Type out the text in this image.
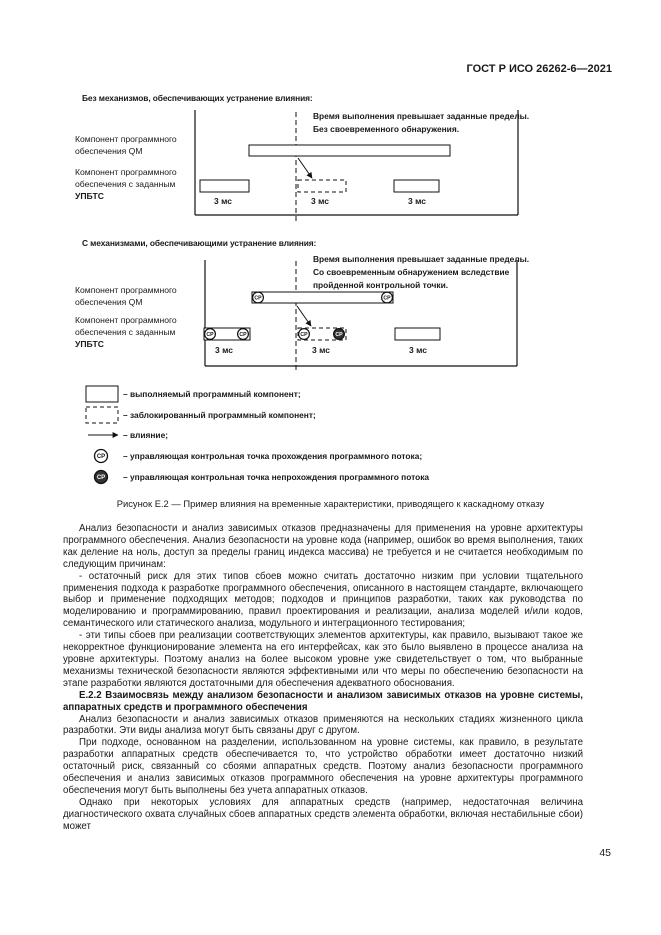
ГОСТ Р ИСО 26262-6—2021
CP	CP
CP	CP	CP	CP
CP
CP
Без механизмов, обеспечивающих устранение влияния:
Время выполнения превышает заданные пределы.
Без своевременного обнаружения.
Компонент программного
обеспечения QM
Компонент программного
обеспечения с заданным
УПБТС	3 мс	3 мс	3 мс
С механизмами, обеспечивающими устранение влияния:
Время выполнения превышает заданные пределы.
Со своевременным обнаружением вследствие
пройденной контрольной точки.
Компонент программного
обеспечения QM
Компонент программного
обеспечения с заданным
УПБТС
3 мс	3 мс	3 мс
– выполняемый программный компонент;
– заблокированный программный компонент;
– влияние;
– управляющая контрольная точка прохождения программного потока;
– управляющая контрольная точка непрохождения программного потока
Рисунок Е.2 — Пример влияния на временные характеристики, приводящего к каскадному отказу

Анализ безопасности и анализ зависимых отказов предназначены для применения на уровне архитектуры программного обеспечения. Анализ безопасности на уровне кода (например, ошибок во время выполнения, таких как деление на ноль, доступ за пределы границ индекса массива) не требуется и не считается необходимым по следующим причинам:

- остаточный риск для этих типов сбоев можно считать достаточно низким при условии тщательного применения подхода к разработке программного обеспечения, описанного в настоящем стандарте, включающего выбор и применение подходящих методов; подходов и принципов разработки, таких как руководства по моделированию и программированию, правил проектирования и реализации, анализа моделей и/или кодов, семантического или статического анализа, модульного и интеграционного тестирования;

- эти типы сбоев при реализации соответствующих элементов архитектуры, как правило, вызывают такое же некорректное функционирование элемента на его интерфейсах, как это было выявлено в процессе анализа на уровне архитектуры. Поэтому анализ на более высоком уровне уже свидетельствует о том, что выбранные механизмы технической безопасности являются эффективными или что меры по обеспечению безопасности на этапе разработки являются достаточными для обеспечения адекватного обоснования.

Е.2.2 Взаимосвязь между анализом безопасности и анализом зависимых отказов на уровне системы, аппаратных средств и программного обеспечения

Анализ безопасности и анализ зависимых отказов применяются на нескольких стадиях жизненного цикла разработки. Эти виды анализа могут быть связаны друг с другом.

При подходе, основанном на разделении, использованном на уровне системы, как правило, в результате разработки аппаратных средств обеспечивается то, что устройство обработки имеет достаточно низкий остаточный риск, связанный со сбоями аппаратных средств. Поэтому анализ безопасности программного обеспечения и анализ зависимых отказов программного обеспечения на уровне архитектуры программного обеспечения могут быть выполнены без учета аппаратных отказов.

Однако при некоторых условиях для аппаратных средств (например, недостаточная величина диагностического охвата случайных сбоев аппаратных средств элемента обработки, включая нестабильные сбои) может

45
